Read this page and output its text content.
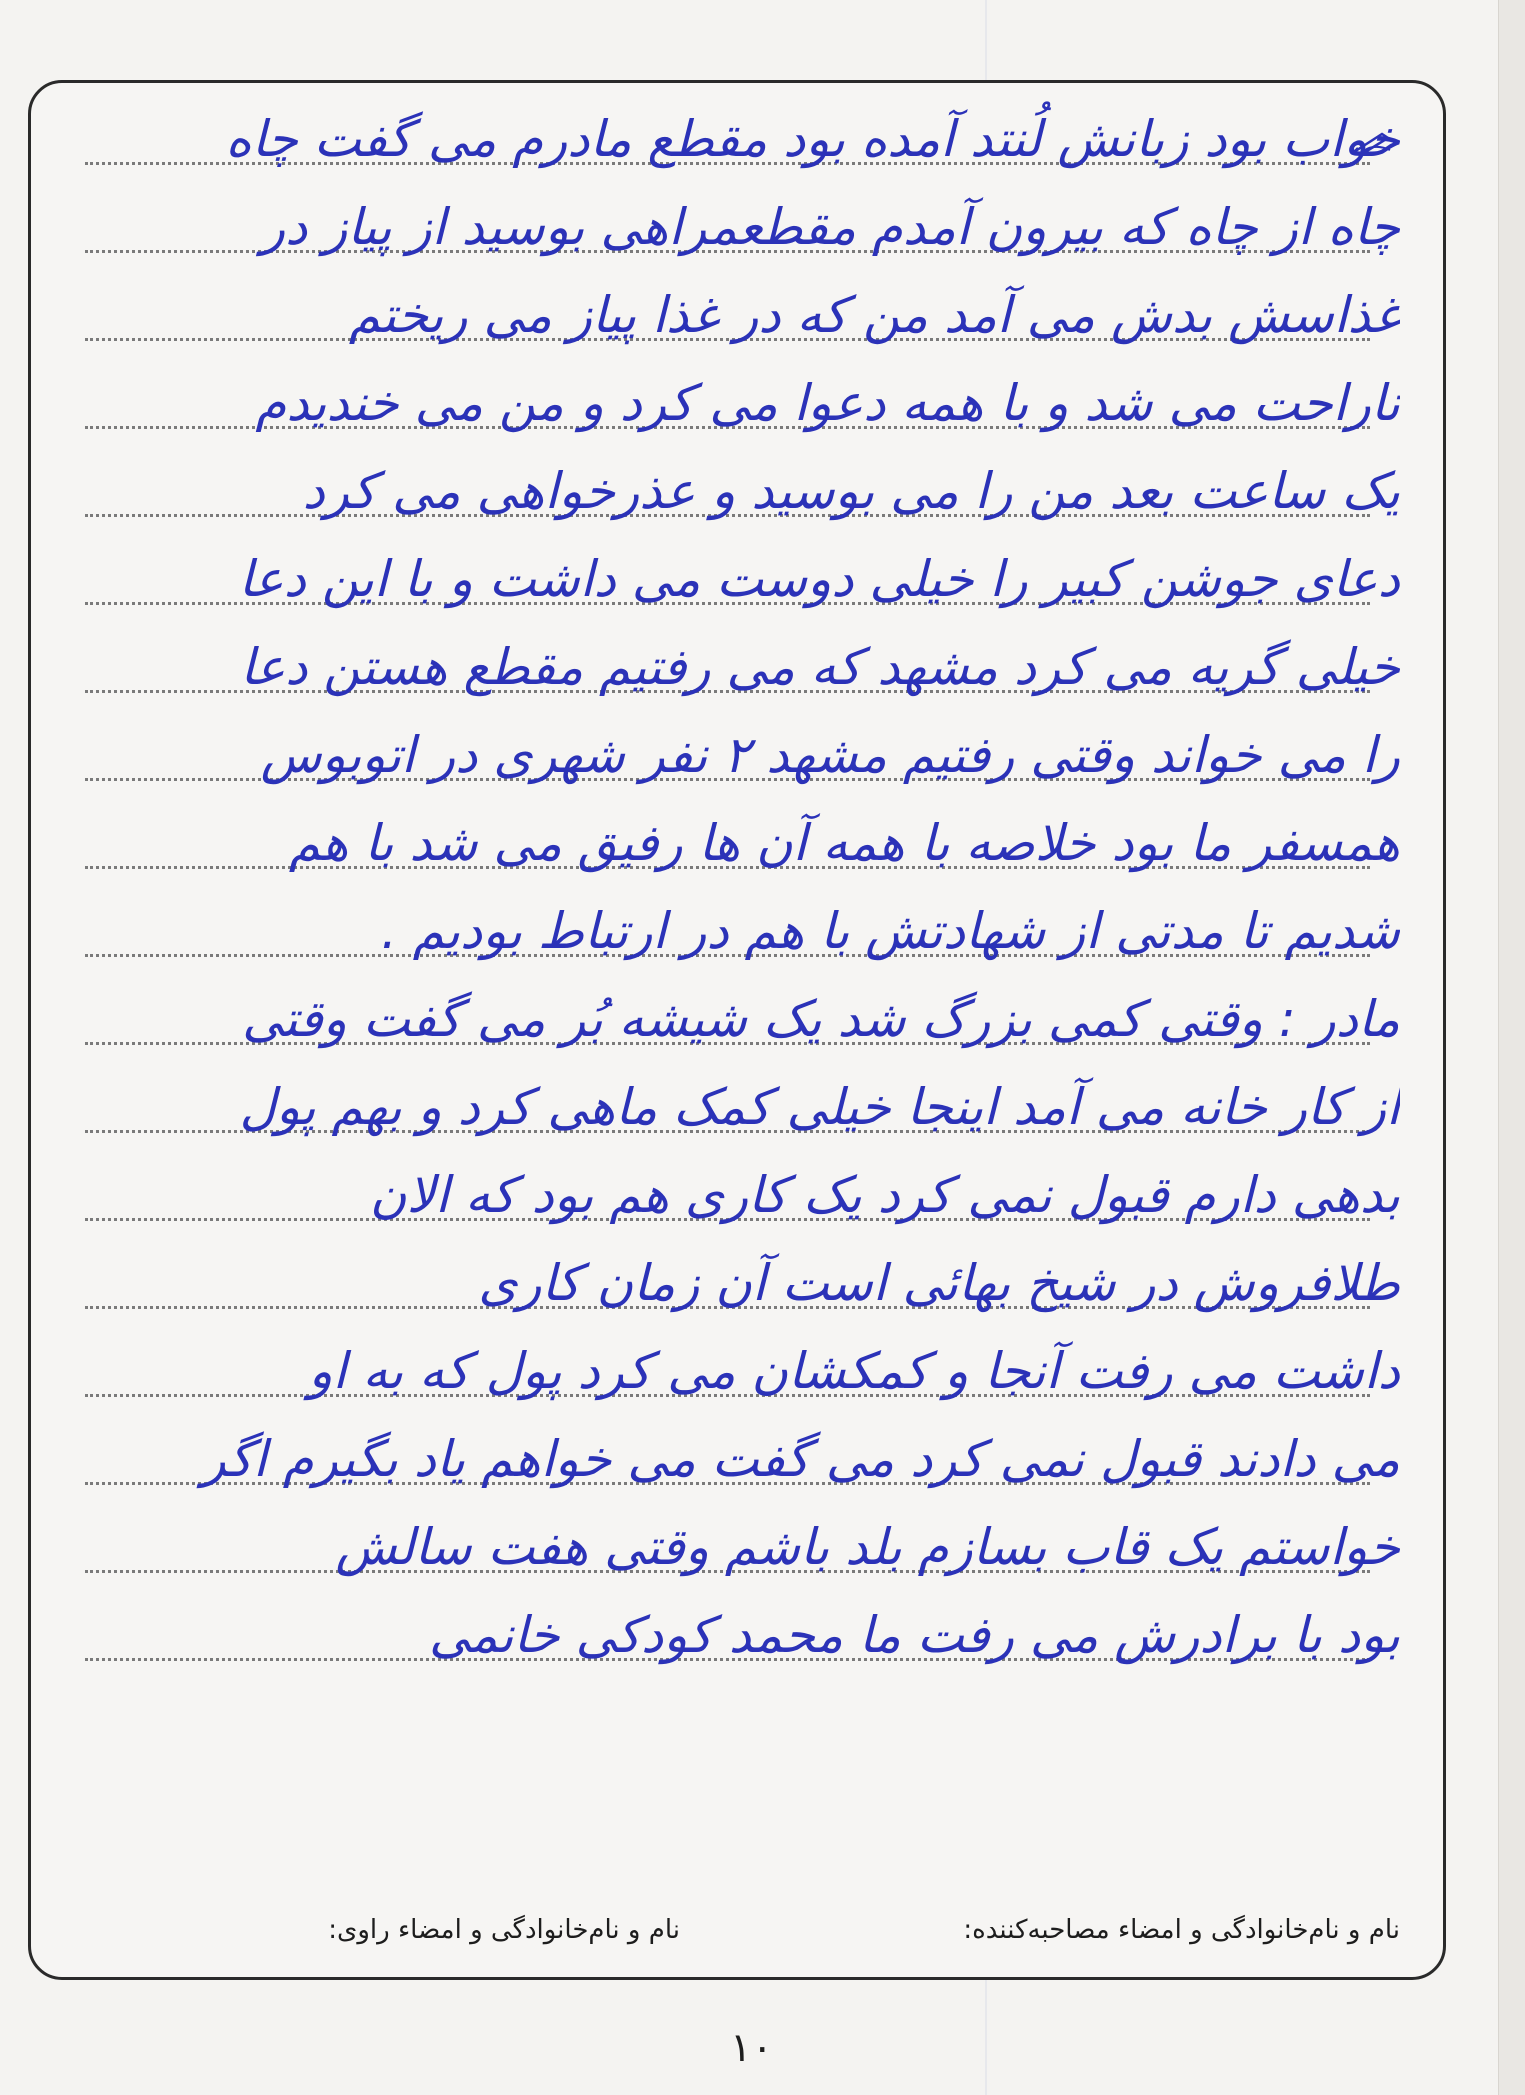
خواب بود زبانش لُنتد آمده بود مقطع مادرم می گفت چاه
چاه از چاه که بیرون آمدم مقطعمراهی بوسید از پیاز در
غذاسش بدش می آمد من که در غذا پیاز می ریختم
ناراحت می شد و با همه دعوا می کرد و من می خندیدم
یک ساعت بعد من را می بوسید و عذرخواهی می کرد
دعای جوشن کبیر را خیلی دوست می داشت و با این دعا
خیلی گریه می کرد مشهد که می رفتیم مقطع هستن دعا
را می خواند وقتی رفتیم مشهد ۲ نفر شهری در اتوبوس
همسفر ما بود خلاصه با همه آن ها رفیق می شد با هم
شدیم تا مدتی از شهادتش با هم در ارتباط بودیم .
مادر : وقتی کمی بزرگ شد یک شیشه بُر می گفت وقتی
از کار خانه می آمد اینجا خیلی کمک ماهی کرد و بهم پول
بدهی دارم قبول نمی کرد یک کاری هم بود که الان
طلافروش در شیخ بهائی است آن زمان کاری
داشت می رفت آنجا و کمکشان می کرد پول که به او
می دادند قبول نمی کرد می گفت می خواهم یاد بگیرم اگر
خواستم یک قاب بسازم بلد باشم وقتی هفت سالش
بود با برادرش می رفت ما محمد کودکی خانمی
نام و نام‌خانوادگی و امضاء مصاحبه‌کننده:
نام و نام‌خانوادگی و امضاء راوی:
۱۰
